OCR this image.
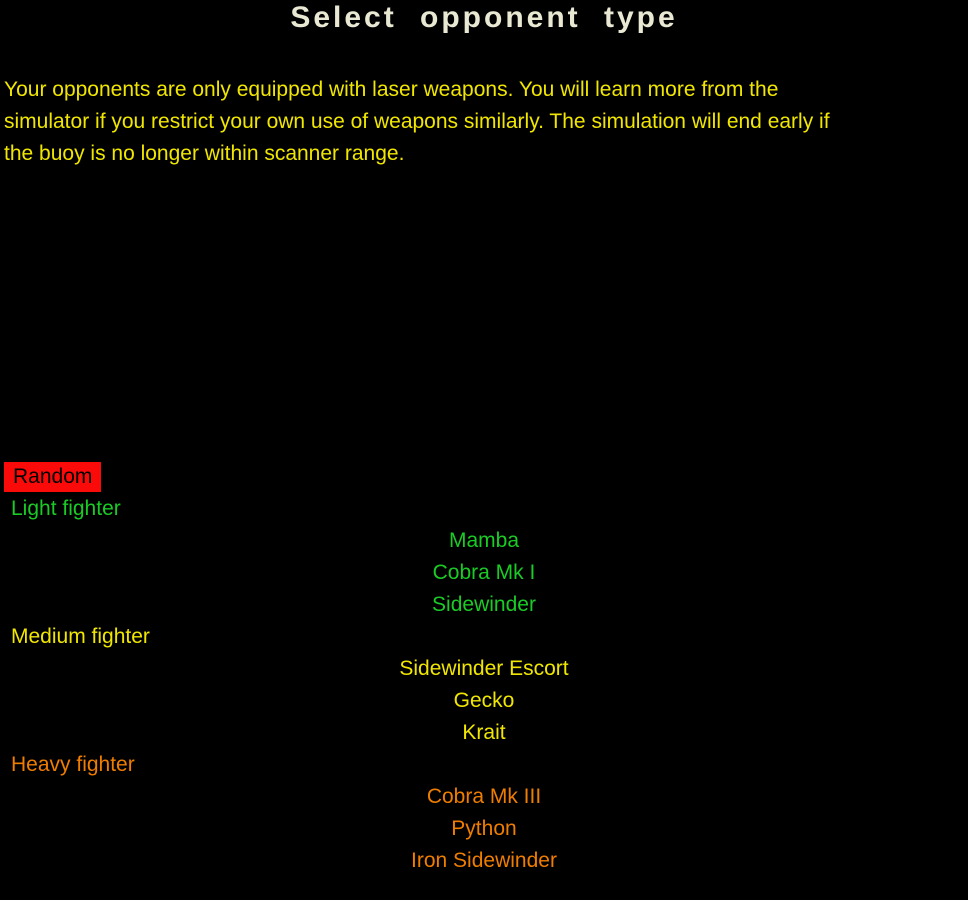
Select opponent type
Your opponents are only equipped with laser weapons. You will learn more from the
simulator if you restrict your own use of weapons similarly. The simulation will end early if
the buoy is no longer within scanner range.
Random
Light fighter
Mamba
Cobra Mk I
Sidewinder
Medium fighter
Sidewinder Escort
Gecko
Krait
Heavy fighter
Cobra Mk III
Python
Iron Sidewinder
